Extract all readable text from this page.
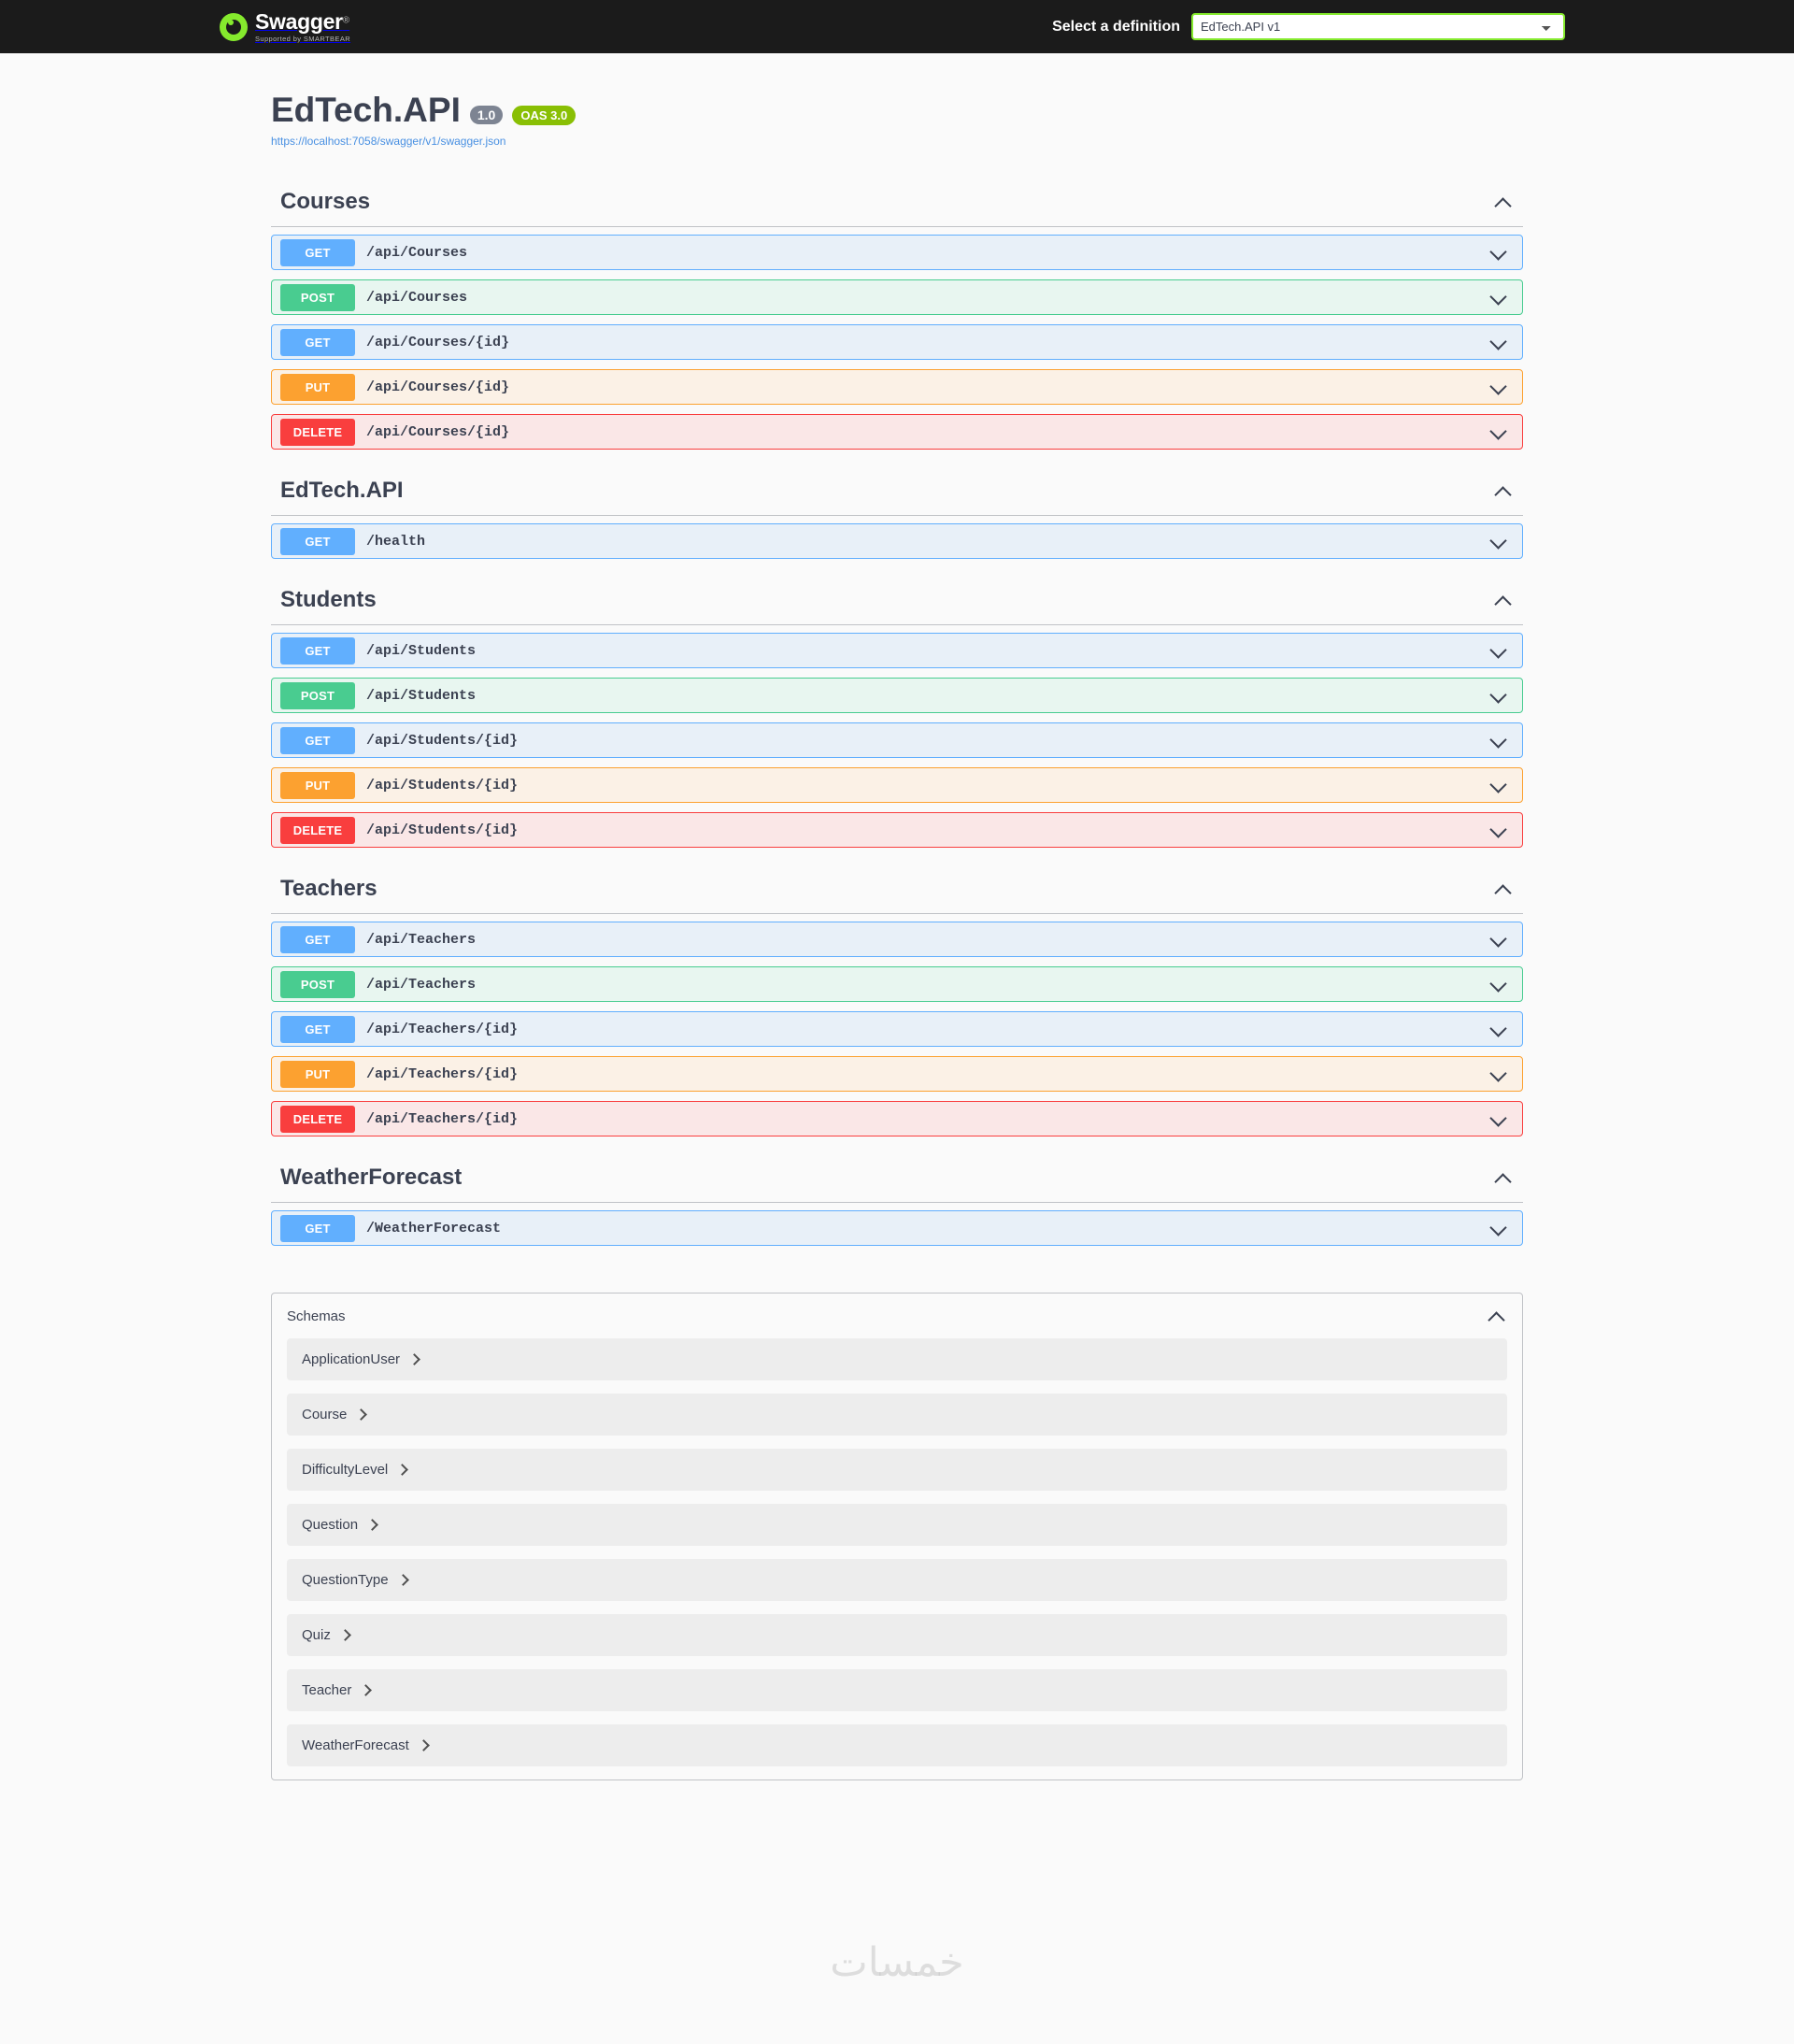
Swagger®
Supported by SMARTBEAR
Select a definition
EdTech.API v1
EdTech.API	1.0	OAS 3.0
https://localhost:7058/swagger/v1/swagger.json
Courses
GET	/api/Courses
POST	/api/Courses
GET	/api/Courses/{id}
PUT	/api/Courses/{id}
DELETE	/api/Courses/{id}
EdTech.API
GET	/health
Students
GET	/api/Students
POST	/api/Students
GET	/api/Students/{id}
PUT	/api/Students/{id}
DELETE	/api/Students/{id}
Teachers
GET	/api/Teachers
POST	/api/Teachers
GET	/api/Teachers/{id}
PUT	/api/Teachers/{id}
DELETE	/api/Teachers/{id}
WeatherForecast
GET	/WeatherForecast
Schemas
ApplicationUser
Course
DifficultyLevel
Question
QuestionType
Quiz
Teacher
WeatherForecast
خمسات
